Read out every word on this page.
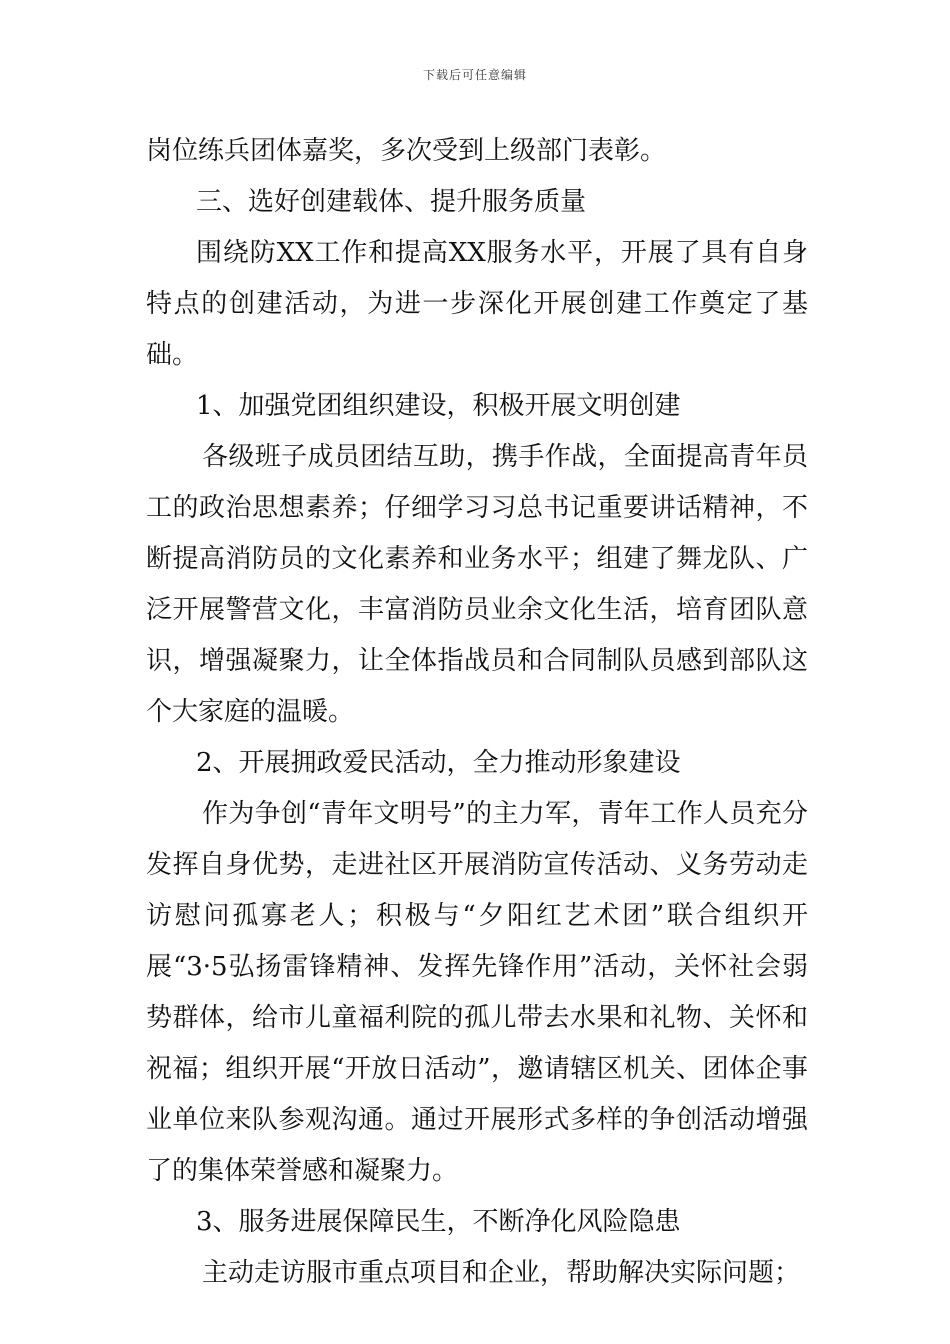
下载后可任意编辑

岗位练兵团体嘉奖，多次受到上级部门表彰。

三、选好创建载体、提升服务质量

围绕防XX工作和提高XX服务水平，开展了具有自身特点的创建活动，为进一步深化开展创建工作奠定了基础。

1、加强党团组织建设，积极开展文明创建

各级班子成员团结互助，携手作战，全面提高青年员工的政治思想素养；仔细学习习总书记重要讲话精神，不断提高消防员的文化素养和业务水平；组建了舞龙队、广泛开展警营文化，丰富消防员业余文化生活，培育团队意识，增强凝聚力，让全体指战员和合同制队员感到部队这个大家庭的温暖。

2、开展拥政爱民活动，全力推动形象建设

作为争创“青年文明号”的主力军，青年工作人员充分发挥自身优势，走进社区开展消防宣传活动、义务劳动走访慰问孤寡老人；积极与“夕阳红艺术团”联合组织开展“3·5弘扬雷锋精神、发挥先锋作用”活动，关怀社会弱势群体，给市儿童福利院的孤儿带去水果和礼物、关怀和祝福；组织开展“开放日活动”，邀请辖区机关、团体企事业单位来队参观沟通。通过开展形式多样的争创活动增强了的集体荣誉感和凝聚力。

3、服务进展保障民生，不断净化风险隐患

主动走访服市重点项目和企业，帮助解决实际问题；
